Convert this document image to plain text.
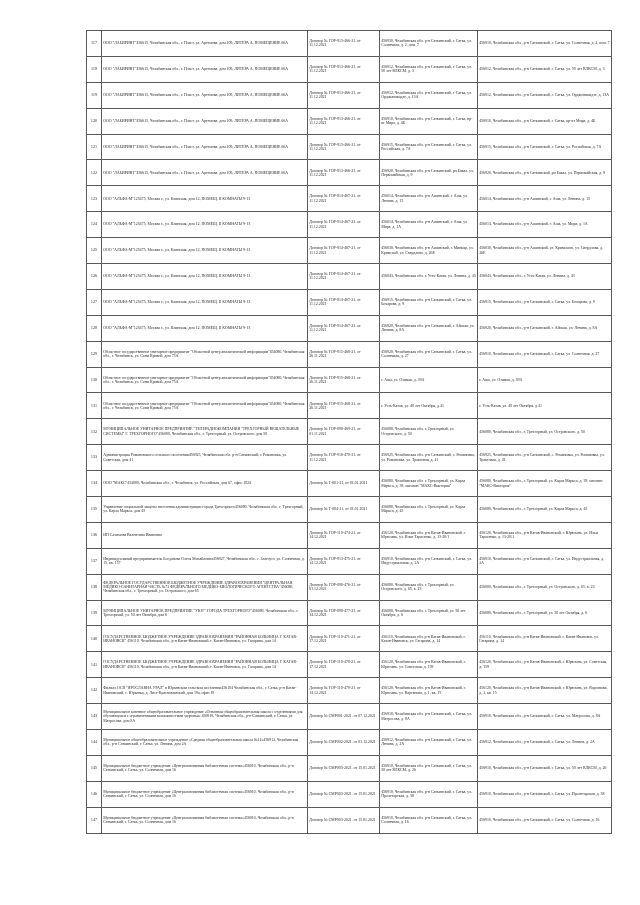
117	ООО "ЛАБИРИНТ"456615, Челябинская обл., г. Пласт, ул. Артемова, дом 109, ЛИТЕРА А, ПОМЕЩЕНИЕ 66А	Договор № ГОР-913-466-21. от 11.12.2021	456930, Челябинская обл. р-н Саткинский, г. Сатка, ул. Солнечная, д. 2, пом. 7	456910, Челябинская обл., р-н Саткинский, г. Сатка, ул. Солнечная, д. 2, пом. 7
118	ООО "ЛАБИРИНТ"456615, Челябинская обл., г. Пласт, ул. Артемова, дом 109, ЛИТЕРА А, ПОМЕЩЕНИЕ 66А	Договор № ГОР-913-466-21. от 11.12.2021	456912, Челябинская обл. р-н Саткинский, г. Сатка, ул. 50 лет ВЛКСМ, д. 3	456912, Челябинская обл., р-н Саткинский, г. Сатка, ул. 50 лет ВЛКСМ, д. 3
119	ООО "ЛАБИРИНТ"456615, Челябинская обл., г. Пласт, ул. Артемова, дом 109, ЛИТЕРА А, ПОМЕЩЕНИЕ 66А	Договор № ГОР-913-466-21. от 11.12.2021	456912, Челябинская обл. р-н Саткинский, г. Сатка, ул. Орджоникидзе, д. 13А	456912, Челябинская обл., р-н Саткинский, г. Сатка, ул. Орджоникидзе, д. 13А
120	ООО "ЛАБИРИНТ"456615, Челябинская обл., г. Пласт, ул. Артемова, дом 109, ЛИТЕРА А, ПОМЕЩЕНИЕ 66А	Договор № ГОР-913-466-21. от 11.12.2021	456910, Челябинская обл. р-н Саткинский, г. Сатка, пр-кт Мира, д. 4Б	456910, Челябинская обл., р-н Саткинский, г. Сатка, пр-кт Мира, д. 4Б
121	ООО "ЛАБИРИНТ"456615, Челябинская обл., г. Пласт, ул. Артемова, дом 109, ЛИТЕРА А, ПОМЕЩЕНИЕ 66А	Договор № ГОР-913-466-21. от 11.12.2021	456915, Челябинская обл. р-н Саткинский, г. Сатка, ул. Российская, д. 7А	456915, Челябинская обл., р-н Саткинский, г. Сатка, ул. Российская, д. 7А
122	ООО "ЛАБИРИНТ"456615, Челябинская обл., г. Пласт, ул. Артемова, дом 109, ЛИТЕРА А, ПОМЕЩЕНИЕ 66А	Договор № ГОР-913-466-21. от 11.12.2021	456920, Челябинская обл. р-н Саткинский, рп Бакал, ул. Первомайская, д. 9	456920, Челябинская обл., р-н Саткинский, рп Бакал, ул. Первомайская, д. 9
123	ООО "АЛЬФА-М"125475, Москва г., ул. Клинская, дом 12, ПОМЕЩ. II КОМНАТЫ 9-13	Договор № ГОР-914-467-21. от 11.12.2021	456014, Челябинская обл. р-н Ашинский, г. Аша, ул. Ленина, д. 15	456014, Челябинская обл., р-н Ашинский, г. Аша, ул. Ленина, д. 15
124	ООО "АЛЬФА-М"125475, Москва г., ул. Клинская, дом 12, ПОМЕЩ. II КОМНАТЫ 9-13	Договор № ГОР-914-467-21. от 11.12.2021	456014, Челябинская обл. р-н Ашинский, г. Аша, ул. Мира, д. 1А	456014, Челябинская обл., р-н Ашинский, г. Аша, ул. Мира, д. 1А
125	ООО "АЛЬФА-М"125475, Москва г., ул. Клинская, дом 12, ПОМЕЩ. II КОМНАТЫ 9-13	Договор № ГОР-914-467-21. от 11.12.2021	456030, Челябинская обл. р-н Ашинский, г. Миньяр, ул. Кримской, ул. Свердлова, д. 26Е	456030, Челябинская обл., р-н Ашинский, ул. Кримского, ул. Свердлова, д. 26Е
126	ООО "АЛЬФА-М"125475, Москва г., ул. Клинская, дом 12, ПОМЕЩ. II КОМНАТЫ 9-13	Договор № ГОР-914-467-21. от 11.12.2021	456043, Челябинская обл. г. Усть-Катав, ул. Ленина, д. 43	456043, Челябинская обл., г. Усть-Катав, ул. Ленина, д. 43
127	ООО "АЛЬФА-М"125475, Москва г., ул. Клинская, дом 12, ПОМЕЩ. II КОМНАТЫ 9-13	Договор № ГОР-914-467-21. от 11.12.2021	456915, Челябинская обл. р-н Саткинский, г. Сатка, ул. Бочарова, д. 9	456915, Челябинская обл., р-н Саткинский, г. Сатка, ул. Бочарова, д. 9
128	ООО "АЛЬФА-М"125475, Москва г., ул. Клинская, дом 12, ПОМЕЩ. II КОМНАТЫ 9-13	Договор № ГОР-914-467-21. от 11.12.2021	456920, Челябинская обл. р-н Саткинский, г. Айская, ул. Ленина, д. 8А	456920, Челябинская обл., р-н Саткинский, г. Айская, ул. Ленина, д. 8А
129	Областное государственное унитарное предприятие "Областной центр аналитической информации"454080, Челябинская обл., г. Челябинск, ул. Сони Кривой, дом 75А	Договор № ГОР-915-468-21. от 26.11.2021	456920, Челябинская обл. р-н Саткинский, г. Сатка, ул. Солнечная, д. 27	456910, Челябинская обл., р-н Саткинский, г. Сатка, ул. Солнечная, д. 27
130	Областное государственное унитарное предприятие "Областной центр аналитической информации"454080, Челябинская обл., г. Челябинск, ул. Сони Кривой, дом 75А	Договор № ГОР-915-468-21. от 26.11.2021	г. Аша, ул. Озимая, д. 39А	г. Аша, ул. Озимая, д. 39А
131	Областное государственное унитарное предприятие "Областной центр аналитической информации"454080, Челябинская обл., г. Челябинск, ул. Сони Кривой, дом 75А	Договор № ГОР-915-468-21. от 26.11.2021	г. Усть-Катав, ул. 40 лет Октября, д.41	г. Усть-Катав, ул. 40 лет Октября, д.41
132	МУНИЦИПАЛЬНОЕ УНИТАРНОЕ ПРЕДПРИЯТИЕ "ТЕЛЕРАДИОКОМПАНИЯ "ТРЕХГОРНЫЙ ВЕЩАТЕЛЬНЫЕ СИСТЕМЫ" Г. ТРЕХГОРНОГО"456080, Челябинская обл., г. Трехгорный, ул. Островского, дом 50	Договор № ГОР-090-469-21. от 01.11.2021	456080, Челябинская обл. г. Трехгорный, ул. Островского, д. 50	456080, Челябинская обл., г. Трехгорный, ул. Островского, д. 50
133	Администрация Романовского сельского поселения456925, Челябинская обл. р-н Саткинский, с Романовка, ул. Советская, дом 41	Договор № ГОР-916-470-21. от 11.12.2021	456925, Челябинская обл. р-н Саткинский, с. Романовка, ул. Романовка, ул. Трактовая, д. 41	456925, Челябинская обл., р-н Саткинский, с. Романовка, ул. Романовка, ул. Трактовая, д. 41
134	ООО "МАКС"454000, Челябинская обл., г. Челябинск, ул. Российская, дом 67, офис 1024	Договор № Т-001-21, от 01.01.2021	456080, Челябинская обл. г. Трехгорный, ул. Карла Маркса, д. 39, магазин "МАКС-Виктория"	456080, Челябинская обл., г. Трехгорный, ул. Карла Маркса, д. 39, магазин "МАКС-Виктория"
135	Управление социальной защиты населения администрации города Трехгорного456080, Челябинская обл., г. Трехгорный, ул. Карла Маркса, дом 45	Договор № Т-004-21, от 01.01.2021	456080, Челябинская обл. г. Трехгорный, ул. Карла Маркса, д. 45	456080, Челябинская обл., г. Трехгорный, ул. Карла Маркса, д. 45
136	ИП Салимова Валентина Ивановна	Договор № ГОР-110-474-21. от 14.12.2021	456120, Челябинская обл. р-н Катав-Ивановский, г. Юрюзань, ул. Ильи Тарасенко, д. 13-20/1	456120, Челябинская обл., р-н Катав-Ивановский, г. Юрюзань, ул. Ильи Тарасенко, д. 13-20/1
137	Индивидуальный предприниматель Богданова Олеся Михайловна456927, Челябинская обл., г. Златоуст, ул. Солнечная, д. 15, кв. 157	Договор № ГОР-913-475-21. от 14.12.2021	456910, Челябинская обл. р-н Саткинский, г. Сатка, ул. Индустриальная, д. 2А	456910, Челябинская обл., р-н Саткинский, г. Сатка, ул. Индустриальная, д. 2А
138	ФЕДЕРАЛЬНОЕ ГОСУДАРСТВЕННОЕ БЮДЖЕТНОЕ УЧРЕЖДЕНИЕ ЗДРАВООХРАНЕНИЯ "ЦЕНТРАЛЬНАЯ МЕДИКО-САНИТАРНАЯ ЧАСТЬ №72 ФЕДЕРАЛЬНОГО МЕДИКО-БИОЛОГИЧЕСКОГО АГЕНТСТВА"456080, Челябинская обл., г. Трехгорный, ул. Островского, дом 65	Договор № ГОР-090-476-21. от 01.12.2021	456080, Челябинская обл. г. Трехгорный, ул. Островского, д. 65, к. 23	456080, Челябинская обл., г. Трехгорный, ул. Островского, д. 65, к. 23
139	МУНИЦИПАЛЬНОЕ УНИТАРНОЕ ПРЕДПРИЯТИЕ "УЮТ" ГОРОДА ТРЕХГОРНОГО"456080, Челябинская обл., г. Трехгорный, ул. 50 лет Октября, дом 6	Договор № ГОР-090-477-21. от 14.12.2021	456080, Челябинская обл. г. Трехгорный, ул. 50 лет Октября, д. 6	456080, Челябинская обл., г. Трехгорный, ул. 50 лет Октября, д. 6
140	ГОСУДАРСТВЕННОЕ БЮДЖЕТНОЕ УЧРЕЖДЕНИЕ ЗДРАВООХРАНЕНИЯ "РАЙОННАЯ БОЛЬНИЦА Г. КАТАВ-ИВАНОВСК" 456110, Челябинская обл., р-н Катав-Ивановский, г. Катав-Ивановск, ул. Гагарина, дом 14	Договор № ГОР-110-471-21. от 17.12.2021	456110, Челябинская обл. р-н Катав-Ивановский, г. Катав-Ивановск, ул. Гагарина, д. 14	456110, Челябинская обл., р-н Катав-Ивановский, г. Катав-Ивановск, ул. Гагарина, д. 14
141	ГОСУДАРСТВЕННОЕ БЮДЖЕТНОЕ УЧРЕЖДЕНИЕ ЗДРАВООХРАНЕНИЯ "РАЙОННАЯ БОЛЬНИЦА Г. КАТАВ-ИВАНОВСК" 456110, Челябинская обл., р-н Катав-Ивановский, г. Катав-Ивановск, ул. Гагарина, дом 14	Договор № ГОР-110-478-21. от 17.12.2021	456120, Челябинская обл. р-н Катав-Ивановский, г. Юрюзань, ул. Советская, д. 159	456120, Челябинская обл., р-н Катав-Ивановский, г. Юрюзань, ул. Советская, д. 159
142	Филиал ОСП "ЯРОСЛАВНА УРАЛ" в Юрьевском сельском поселении456104 Челябинская обл., г. Сатка, р-н Катав-Ивановский, с. Юрьевка, д. Лист-Краснокамский, дом 19а, офис 81	Договор № ГОР-110-479-21. от 14.12.2021	456120, Челябинская обл. р-н Катав-Ивановский, г. Юрюзань, ул. Варганова, д. 1, кв. 15	456120, Челябинская обл., р-н Катав-Ивановский, г. Юрюзань, ул. Варганова, д. 1, кв. 15
143	Муниципальное казенное общеобразовательное учреждение «Основная общеобразовательная школа с отделениями для обучающихся с ограниченными возможностями здоровья» 456918, Челябинская обл., р-н Саткинский, г. Сатка, ул. Матросова, дом 8А	Договор № СМР001-2021. от 07.12.2021	456918, Челябинская обл. р-н Саткинский, г. Сатка, ул. Матросова, д. 8А	456918, Челябинская обл., р-н Саткинский, г. Сатка, ул. Матросова, д. 8А
144	Муниципальное общеобразовательное учреждение «Средняя общеобразовательная школа №14»456912, Челябинская обл., р-н Саткинский, г. Сатка, ул. Ленина, дом 2А	Договор № СМР002-2021. от 01.12.2021	456912, Челябинская обл. р-н Саткинский, г. Сатка, ул. Ленина, д. 2А	456912, Челябинская обл., р-н Саткинский, г. Сатка, ул. Ленина, д. 2А
145	Муниципальное бюджетное учреждение «Централизованная библиотечная система»456910, Челябинская обл., р-н Саткинский, г. Сатка, ул. Солнечная, дом 16	Договор № СМР003-2021. от 15.01.2021	456910, Челябинская обл. р-н Саткинский, г. Сатка, ул. 50 лет ВЛКСМ, д. 26	456910, Челябинская обл., р-н Саткинский, г. Сатка, ул. 50 лет ВЛКСМ, д. 26
146	Муниципальное бюджетное учреждение «Централизованная библиотечная система»456910, Челябинская обл., р-н Саткинский, г. Сатка, ул. Солнечная, дом 16	Договор № СМР003-2021. от 15.01.2021	456910, Челябинская обл. р-н Саткинский, г. Сатка, ул. Пролетарская, д. 38	456910, Челябинская обл., р-н Саткинский, г. Сатка, ул. Пролетарская, д. 38
147	Муниципальное бюджетное учреждение «Централизованная библиотечная система»456910, Челябинская обл., р-н Саткинский, г. Сатка, ул. Солнечная, дом 16	Договор № СМР003-2021. от 15.01.2021	456910, Челябинская обл. р-н Саткинский, г. Сатка, ул. Солнечная, д. 16	456910, Челябинская обл., р-н Саткинский, г. Сатка, ул. Солнечная, д. 16
